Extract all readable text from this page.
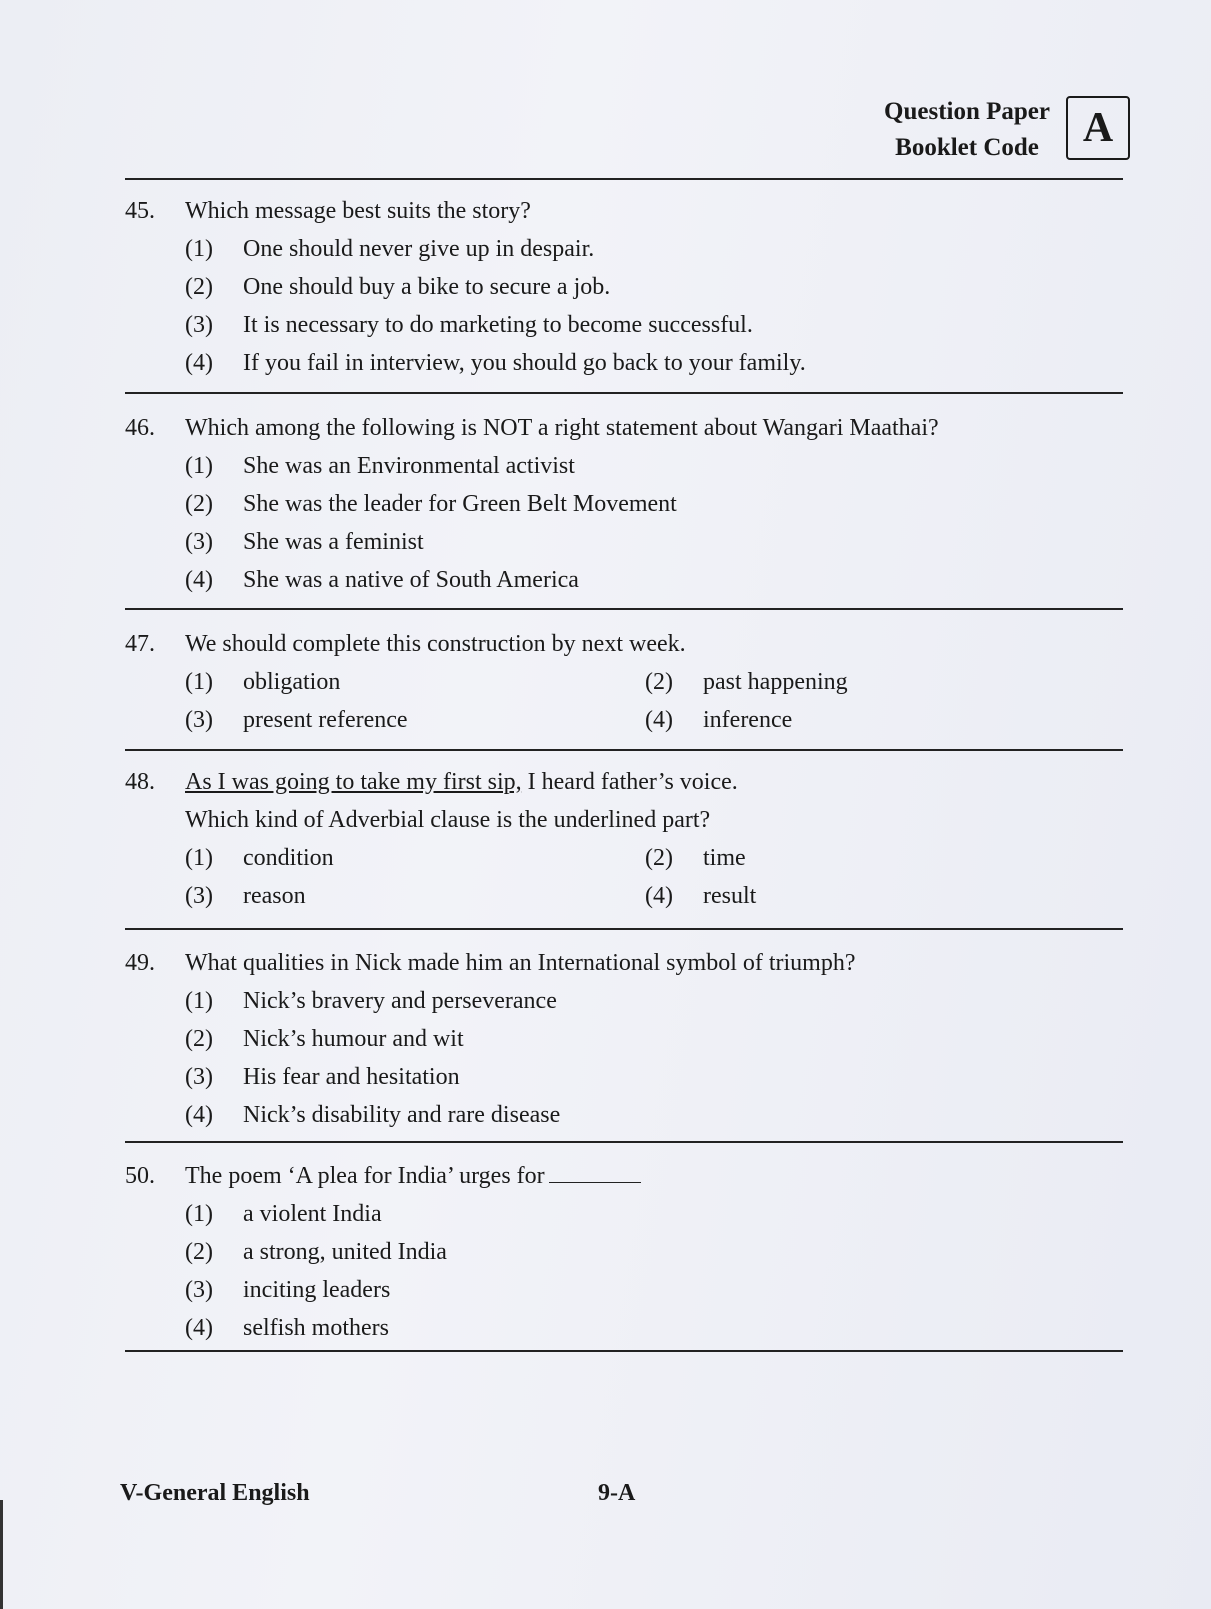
Question Paper
Booklet Code	A
45.	Which message best suits the story?
(1)	One should never give up in despair.
(2)	One should buy a bike to secure a job.
(3)	It is necessary to do marketing to become successful.
(4)	If you fail in interview, you should go back to your family.
46.	Which among the following is NOT a right statement about Wangari Maathai?
(1)	She was an Environmental activist
(2)	She was the leader for Green Belt Movement
(3)	She was a feminist
(4)	She was a native of South America
47.	We should complete this construction by next week.
(1)	obligation	(2)	past happening
(3)	present reference	(4)	inference
48.	As I was going to take my first sip, I heard father’s voice.
Which kind of Adverbial clause is the underlined part?
(1)	condition	(2)	time
(3)	reason	(4)	result
49.	What qualities in Nick made him an International symbol of triumph?
(1)	Nick’s bravery and perseverance
(2)	Nick’s humour and wit
(3)	His fear and hesitation
(4)	Nick’s disability and rare disease
50.	The poem ‘A plea for India’ urges for
(1)	a violent India
(2)	a strong, united India
(3)	inciting leaders
(4)	selfish mothers
V-General English	9-A
